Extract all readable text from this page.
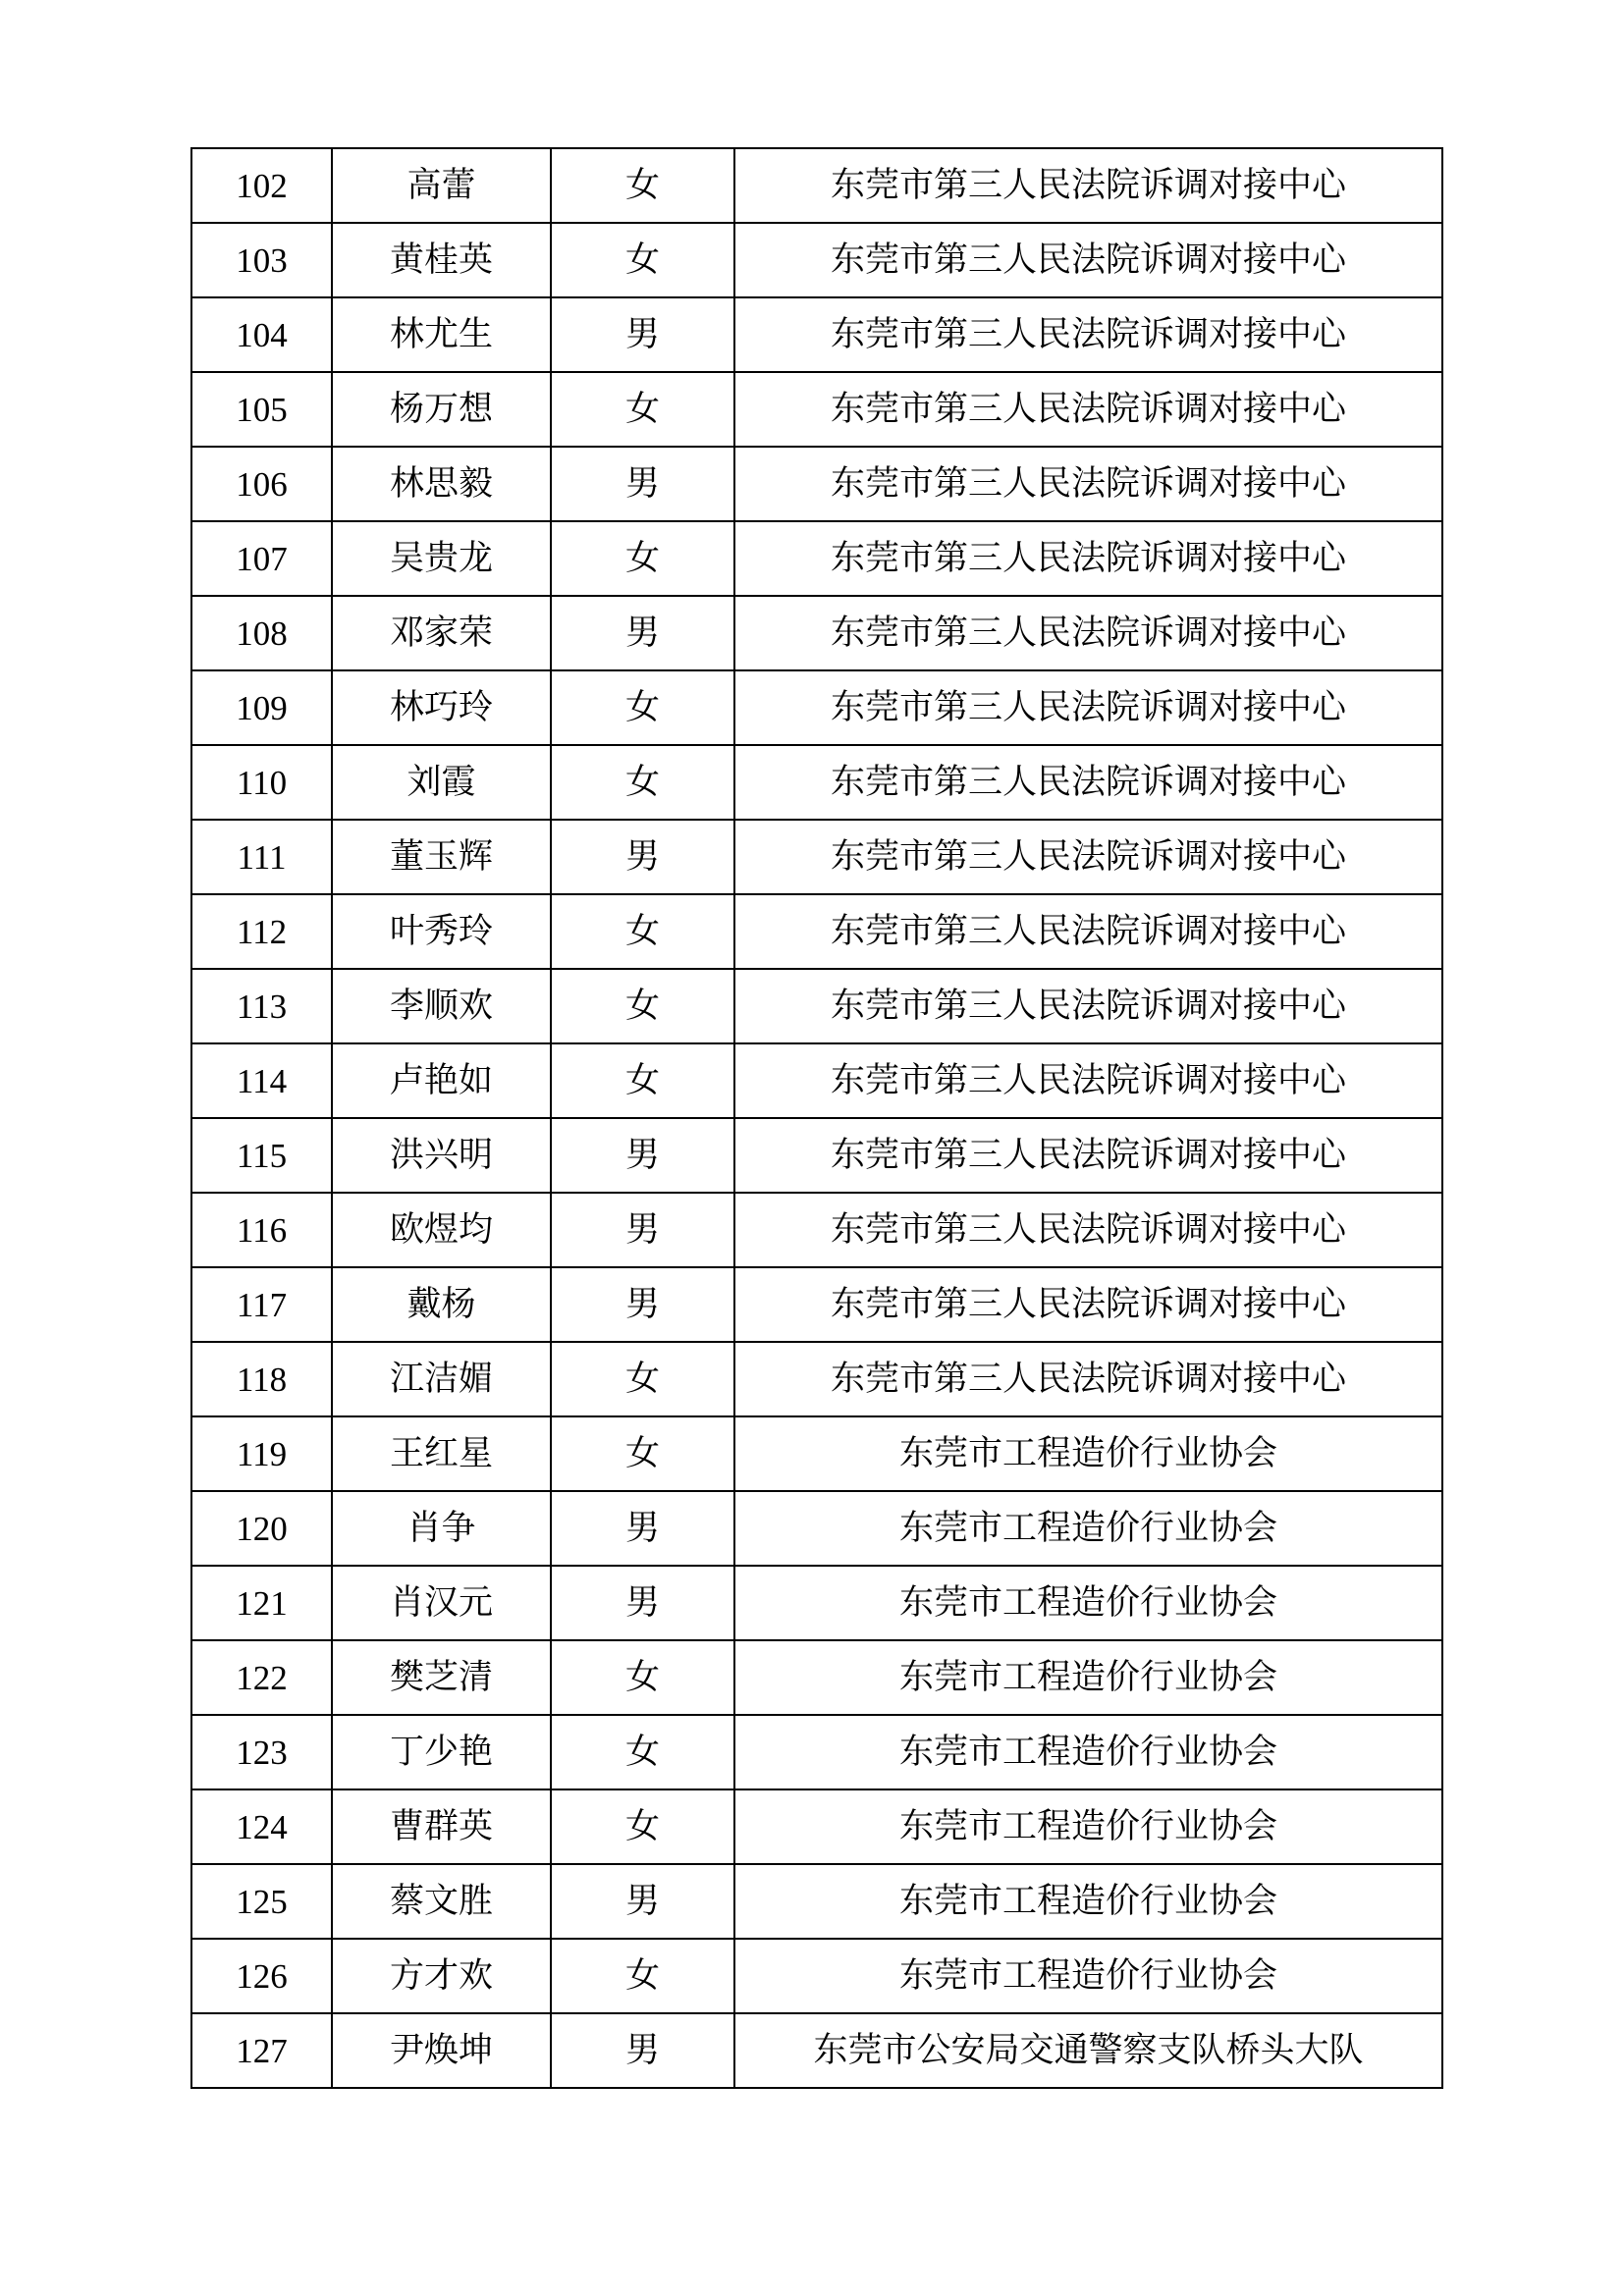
102	高蕾	女	东莞市第三人民法院诉调对接中心
103	黄桂英	女	东莞市第三人民法院诉调对接中心
104	林尤生	男	东莞市第三人民法院诉调对接中心
105	杨万想	女	东莞市第三人民法院诉调对接中心
106	林思毅	男	东莞市第三人民法院诉调对接中心
107	吴贵龙	女	东莞市第三人民法院诉调对接中心
108	邓家荣	男	东莞市第三人民法院诉调对接中心
109	林巧玲	女	东莞市第三人民法院诉调对接中心
110	刘霞	女	东莞市第三人民法院诉调对接中心
111	董玉辉	男	东莞市第三人民法院诉调对接中心
112	叶秀玲	女	东莞市第三人民法院诉调对接中心
113	李顺欢	女	东莞市第三人民法院诉调对接中心
114	卢艳如	女	东莞市第三人民法院诉调对接中心
115	洪兴明	男	东莞市第三人民法院诉调对接中心
116	欧煜均	男	东莞市第三人民法院诉调对接中心
117	戴杨	男	东莞市第三人民法院诉调对接中心
118	江洁媚	女	东莞市第三人民法院诉调对接中心
119	王红星	女	东莞市工程造价行业协会
120	肖争	男	东莞市工程造价行业协会
121	肖汉元	男	东莞市工程造价行业协会
122	樊芝清	女	东莞市工程造价行业协会
123	丁少艳	女	东莞市工程造价行业协会
124	曹群英	女	东莞市工程造价行业协会
125	蔡文胜	男	东莞市工程造价行业协会
126	方才欢	女	东莞市工程造价行业协会
127	尹焕坤	男	东莞市公安局交通警察支队桥头大队
